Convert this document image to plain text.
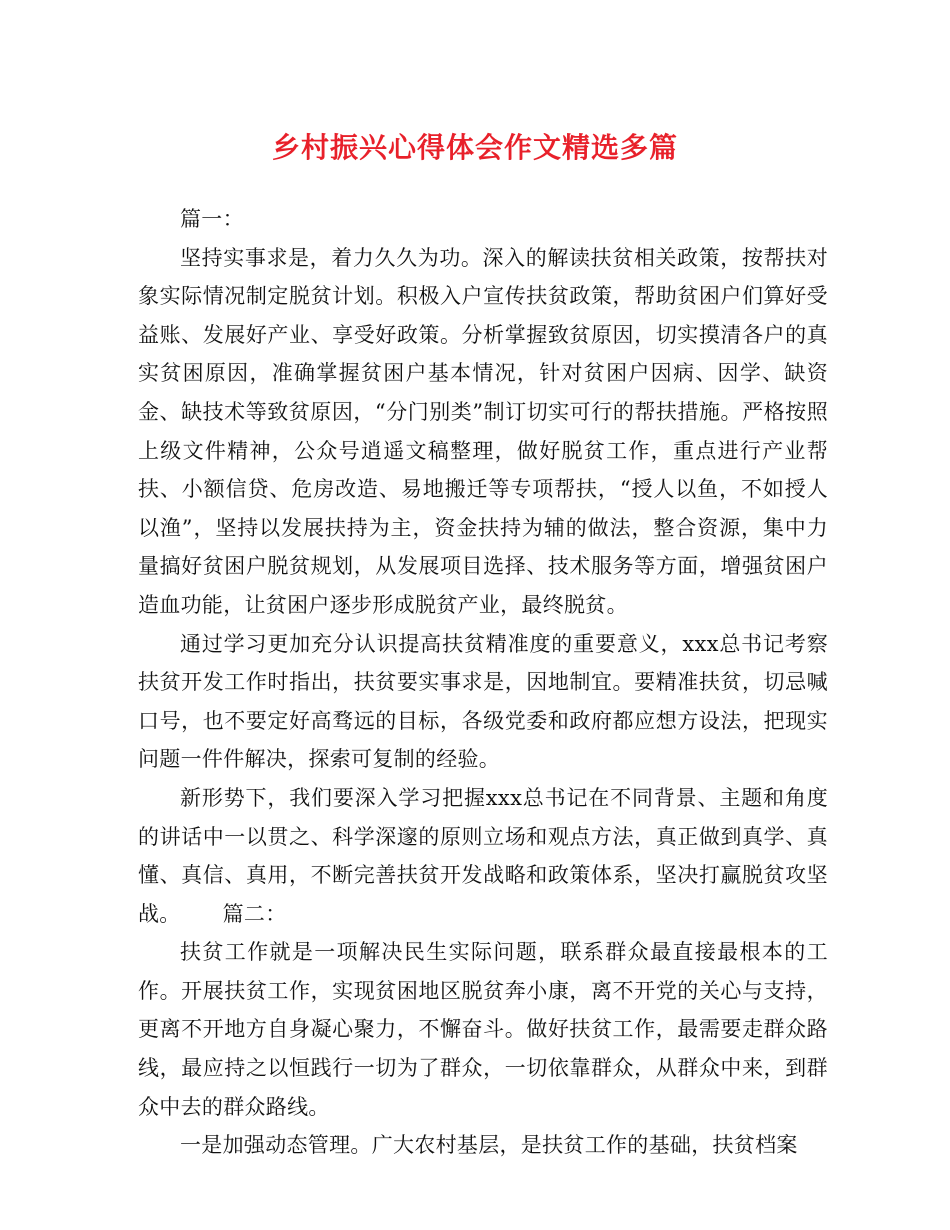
乡村振兴心得体会作文精选多篇

篇一：

坚持实事求是，着力久久为功。深入的解读扶贫相关政策，按帮扶对象实际情况制定脱贫计划。积极入户宣传扶贫政策，帮助贫困户们算好受益账、发展好产业、享受好政策。分析掌握致贫原因，切实摸清各户的真实贫困原因，准确掌握贫困户基本情况，针对贫困户因病、因学、缺资金、缺技术等致贫原因，“分门别类”制订切实可行的帮扶措施。严格按照上级文件精神，公众号逍遥文稿整理，做好脱贫工作，重点进行产业帮扶、小额信贷、危房改造、易地搬迁等专项帮扶，“授人以鱼，不如授人以渔”，坚持以发展扶持为主，资金扶持为辅的做法，整合资源，集中力量搞好贫困户脱贫规划，从发展项目选择、技术服务等方面，增强贫困户造血功能，让贫困户逐步形成脱贫产业，最终脱贫。

通过学习更加充分认识提高扶贫精准度的重要意义，xxx总书记考察扶贫开发工作时指出，扶贫要实事求是，因地制宜。要精准扶贫，切忌喊口号，也不要定好高骛远的目标，各级党委和政府都应想方设法，把现实问题一件件解决，探索可复制的经验。

新形势下，我们要深入学习把握xxx总书记在不同背景、主题和角度的讲话中一以贯之、科学深邃的原则立场和观点方法，真正做到真学、真懂、真信、真用，不断完善扶贫开发战略和政策体系，坚决打赢脱贫攻坚战。 篇二：

扶贫工作就是一项解决民生实际问题，联系群众最直接最根本的工作。开展扶贫工作，实现贫困地区脱贫奔小康，离不开党的关心与支持，更离不开地方自身凝心聚力，不懈奋斗。做好扶贫工作，最需要走群众路线，最应持之以恒践行一切为了群众，一切依靠群众，从群众中来，到群众中去的群众路线。

一是加强动态管理。广大农村基层，是扶贫工作的基础，扶贫档案
